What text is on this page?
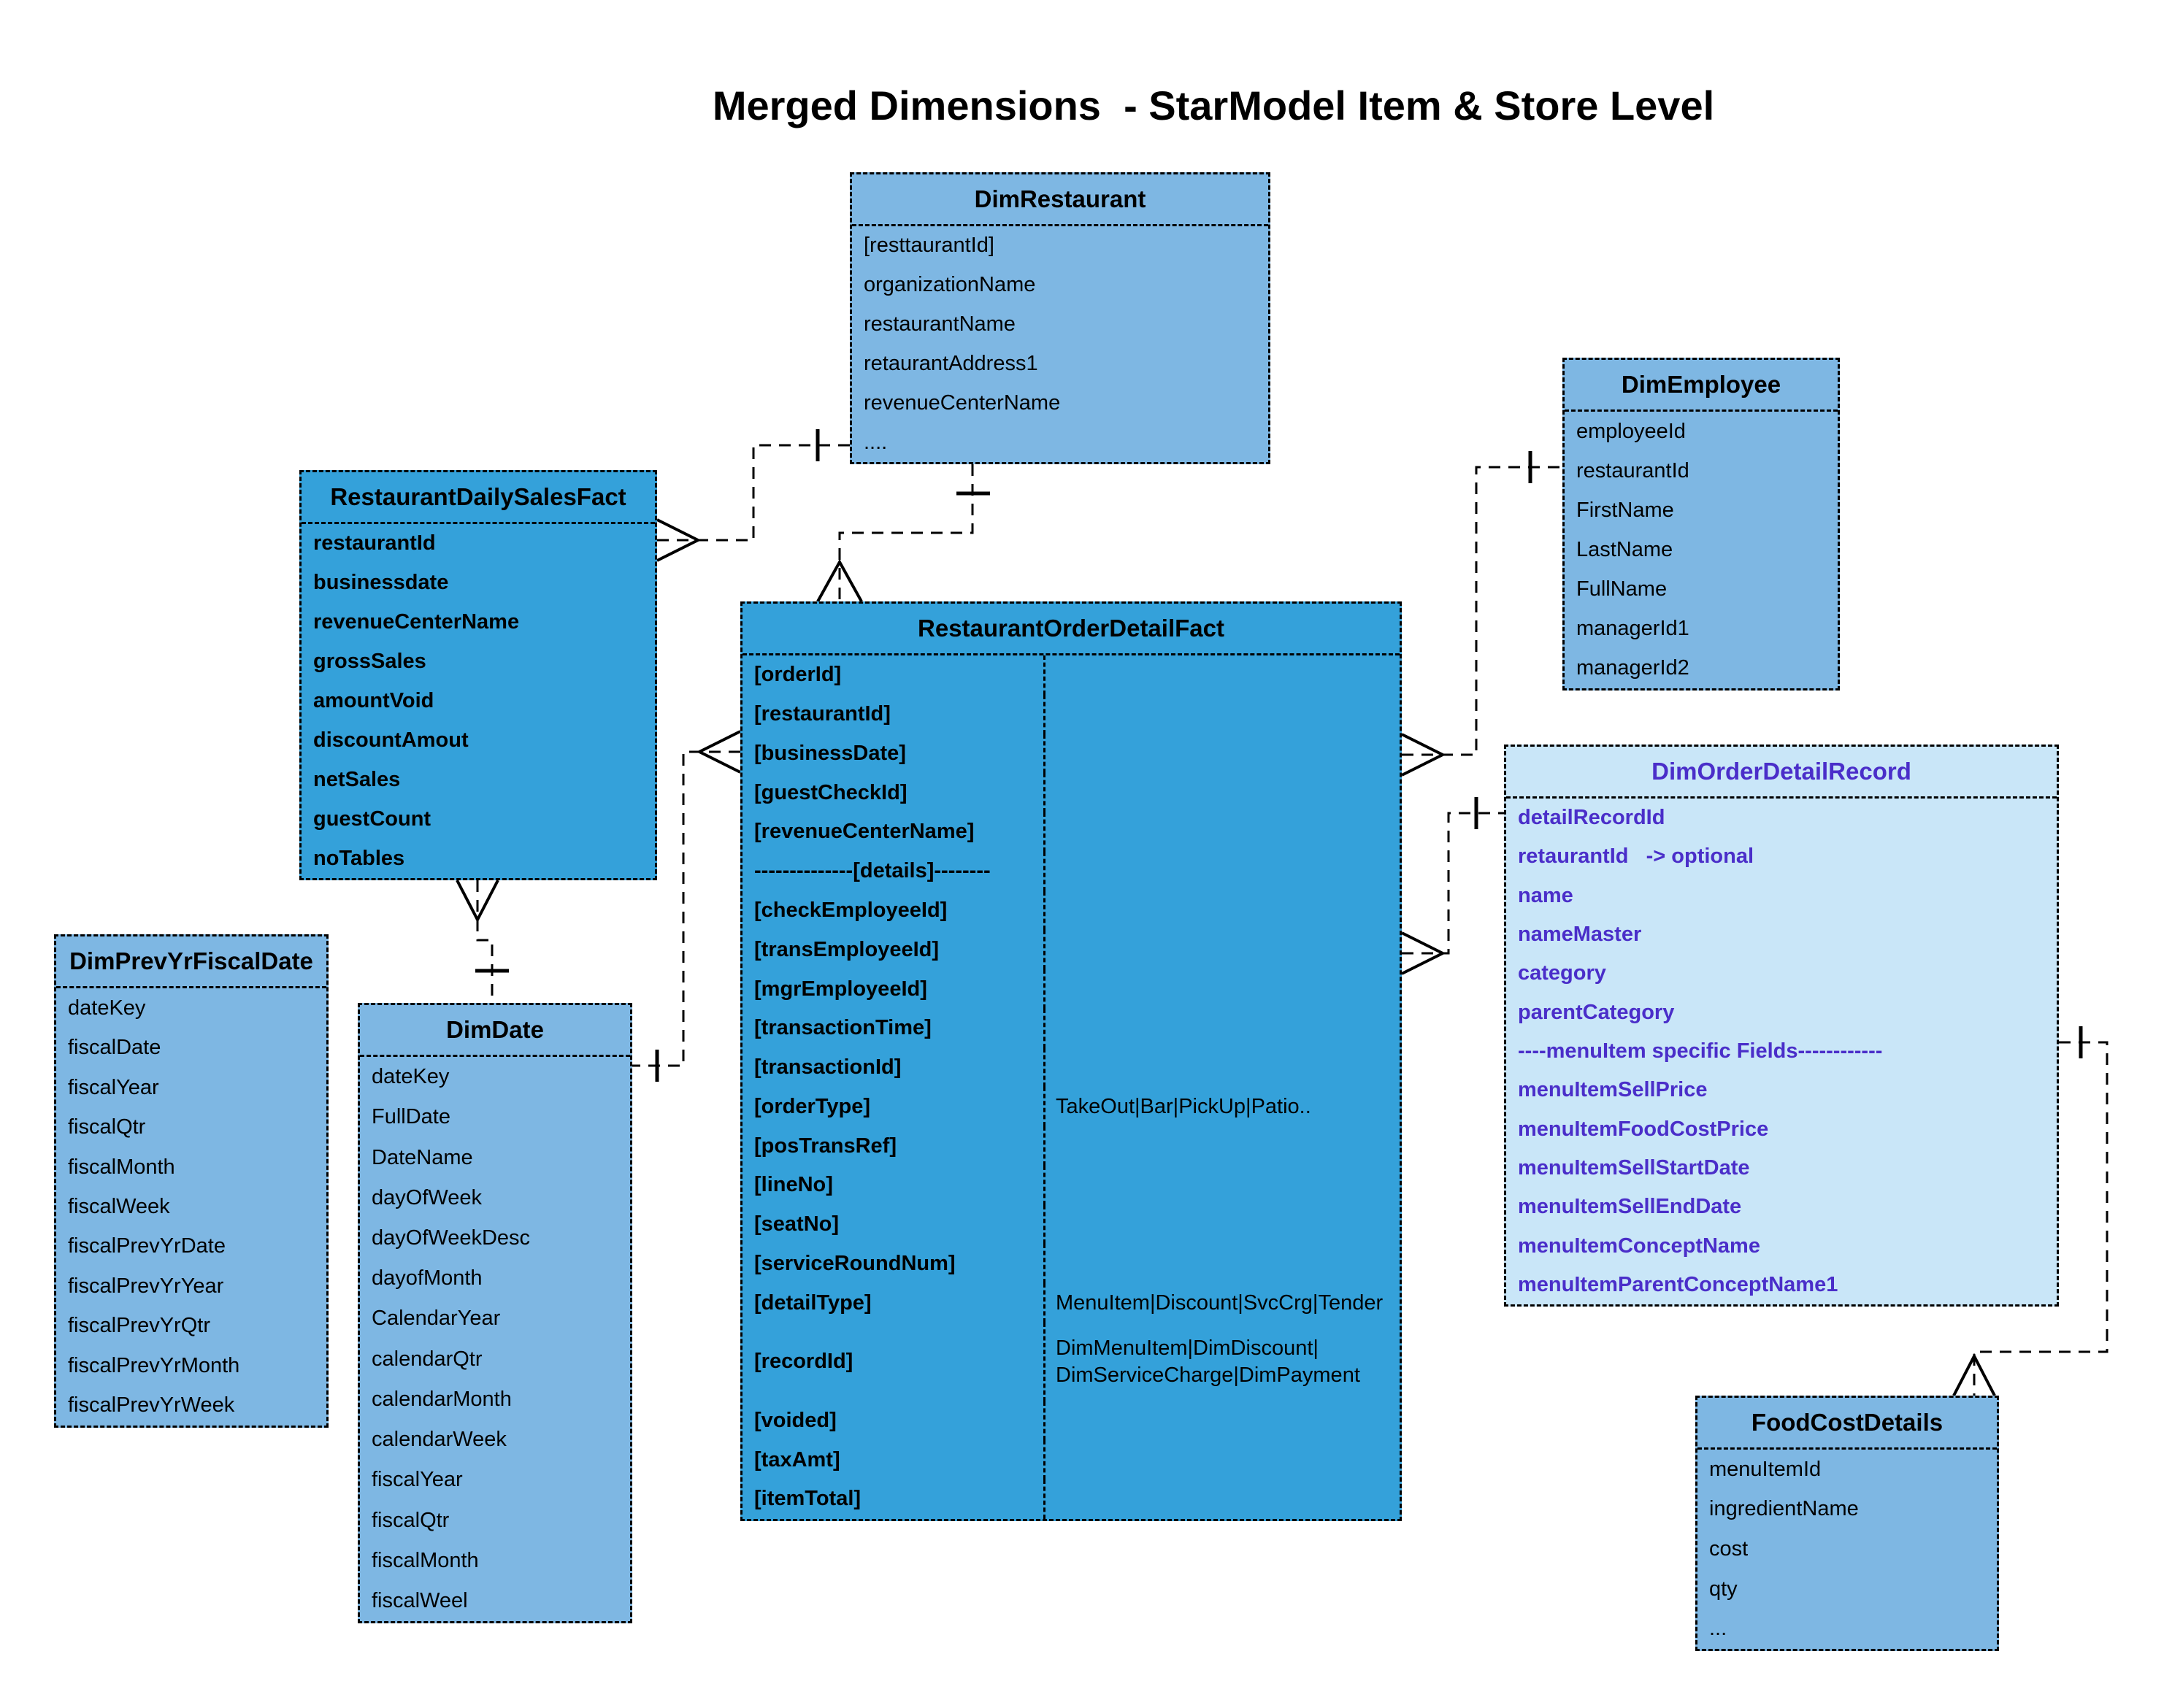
Merged Dimensions  - StarModel Item & Store Level
DimRestaurant
[resttaurantId]
organizationName
restaurantName
retaurantAddress1
revenueCenterName
....
RestaurantDailySalesFact
restaurantId
businessdate
revenueCenterName
grossSales
amountVoid
discountAmout
netSales
guestCount
noTables
DimEmployee
employeeId
restaurantId
FirstName
LastName
FullName
managerId1
managerId2
RestaurantOrderDetailFact
[orderId]
[restaurantId]
[businessDate]
[guestCheckId]
[revenueCenterName]
--------------[details]--------
[checkEmployeeId]
[transEmployeeId]
[mgrEmployeeId]
[transactionTime]
[transactionId]
[orderType]	TakeOut|Bar|PickUp|Patio..
[posTransRef]
[lineNo]
[seatNo]
[serviceRoundNum]
[detailType]	MenuItem|Discount|SvcCrg|Tender
[recordId]
DimMenuItem|DimDiscount|
DimServiceCharge|DimPayment
[voided]
[taxAmt]
[itemTotal]
DimOrderDetailRecord
detailRecordId
retaurantId   -> optional
name
nameMaster
category
parentCategory
----menuItem specific Fields------------
menuItemSellPrice
menuItemFoodCostPrice
menuItemSellStartDate
menuItemSellEndDate
menuItemConceptName
menuItemParentConceptName1
DimPrevYrFiscalDate
dateKey
fiscalDate
fiscalYear
fiscalQtr
fiscalMonth
fiscalWeek
fiscalPrevYrDate
fiscalPrevYrYear
fiscalPrevYrQtr
fiscalPrevYrMonth
fiscalPrevYrWeek
DimDate
dateKey
FullDate
DateName
dayOfWeek
dayOfWeekDesc
dayofMonth
CalendarYear
calendarQtr
calendarMonth
calendarWeek
fiscalYear
fiscalQtr
fiscalMonth
fiscalWeel
FoodCostDetails
menuItemId
ingredientName
cost
qty
...
